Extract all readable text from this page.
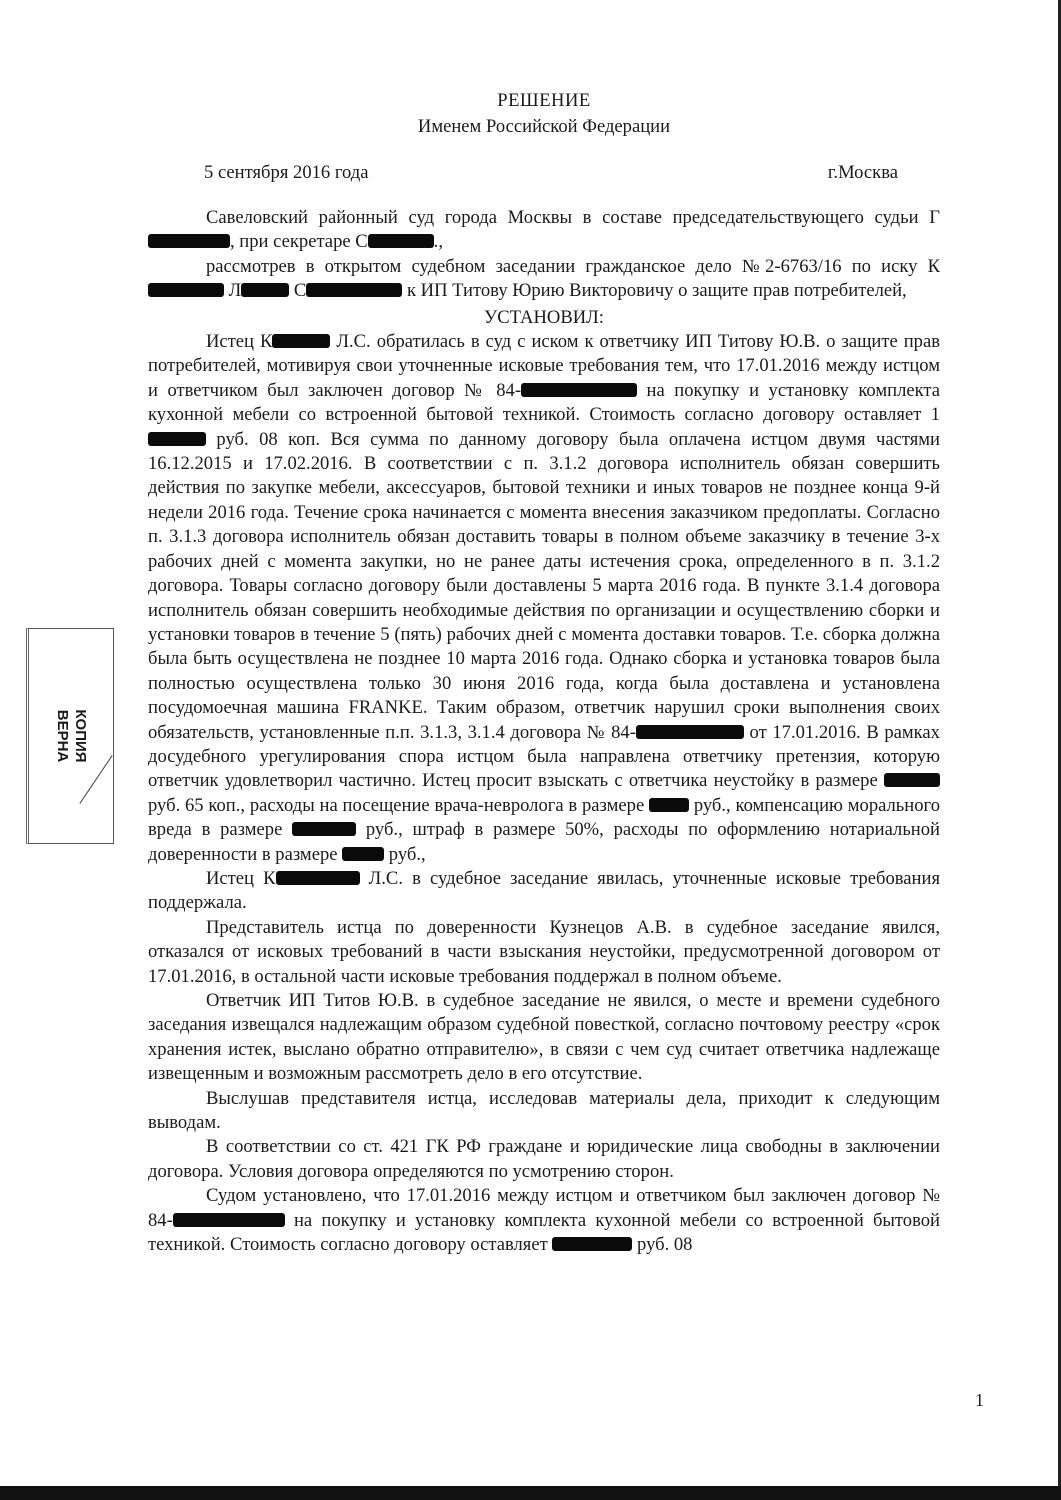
КОПИЯ
ВЕРНА
РЕШЕНИЕ
Именем Российской Федерации
5 сентября 2016 года	г.Москва

Савеловский районный суд города Москвы в составе председательствующего судьи Г, при секретаре С	.,

рассмотрев в открытом судебном заседании гражданское дело №2-6763/16 по иску К Л	С	к ИП Титову Юрию Викторовичу о защите прав потребителей,

УСТАНОВИЛ:

Истец К	Л.С. обратилась в суд с иском к ответчику ИП Титову Ю.В. о защите прав потребителей, мотивируя свои уточненные исковые требования тем, что 17.01.2016 между истцом и ответчиком был заключен договор № 84-	на покупку и установку комплекта кухонной мебели со встроенной бытовой техникой. Стоимость согласно договору оставляет 1  руб. 08 коп. Вся сумма по данному договору была оплачена истцом двумя частями 16.12.2015 и 17.02.2016. В соответствии с п. 3.1.2 договора исполнитель обязан совершить действия по закупке мебели, аксессуаров, бытовой техники и иных товаров не позднее конца 9-й недели 2016 года. Течение срока начинается с момента внесения заказчиком предоплаты. Согласно п. 3.1.3 договора исполнитель обязан доставить товары в полном объеме заказчику в течение 3-х рабочих дней с момента закупки, но не ранее даты истечения срока, определенного в п. 3.1.2 договора. Товары согласно договору были доставлены 5 марта 2016 года. В пункте 3.1.4 договора исполнитель обязан совершить необходимые действия по организации и осуществлению сборки и установки товаров в течение 5 (пять) рабочих дней с момента доставки товаров. Т.е. сборка должна была быть осуществлена не позднее 10 марта 2016 года. Однако сборка и установка товаров была полностью осуществлена только 30 июня 2016 года, когда была доставлена и установлена посудомоечная машина FRANKE. Таким образом, ответчик нарушил сроки выполнения своих обязательств, установленные п.п. 3.1.3, 3.1.4 договора № 84-	от 17.01.2016. В рамках досудебного урегулирования спора истцом была направлена ответчику претензия, которую ответчик удовлетворил частично. Истец просит взыскать с ответчика неустойку в размере  руб. 65 коп., расходы на посещение врача-невролога в размере  руб., компенсацию морального вреда в размере	руб., штраф в размере 50%, расходы по оформлению нотариальной доверенности в размере  руб.,

Истец К	Л.С. в судебное заседание явилась, уточненные исковые требования поддержала.

Представитель истца по доверенности Кузнецов А.В. в судебное заседание явился, отказался от исковых требований в части взыскания неустойки, предусмотренной договором от 17.01.2016, в остальной части исковые требования поддержал в полном объеме.

Ответчик ИП Титов Ю.В. в судебное заседание не явился, о месте и времени судебного заседания извещался надлежащим образом судебной повесткой, согласно почтовому реестру «срок хранения истек, выслано обратно отправителю», в связи с чем суд считает ответчика надлежаще извещенным и возможным рассмотреть дело в его отсутствие.

Выслушав представителя истца, исследовав материалы дела, приходит к следующим выводам.

В соответствии со ст. 421 ГК РФ граждане и юридические лица свободны в заключении договора. Условия договора определяются по усмотрению сторон.

Судом установлено, что 17.01.2016 между истцом и ответчиком был заключен договор № 84-	на покупку и установку комплекта кухонной мебели со встроенной бытовой техникой. Стоимость согласно договору оставляет	руб. 08

1
